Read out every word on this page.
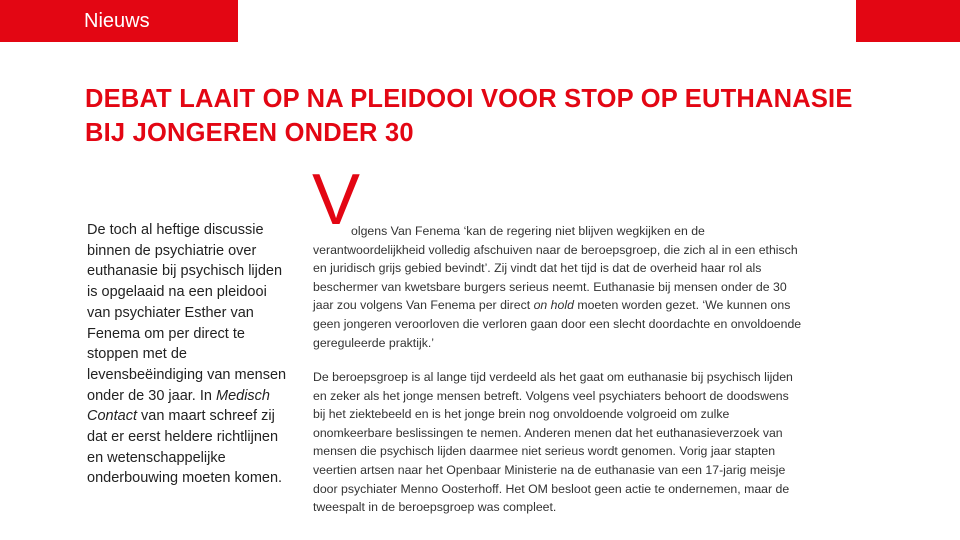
Nieuws
DEBAT LAAIT OP NA PLEIDOOI VOOR STOP OP EUTHANASIE
BIJ JONGEREN ONDER 30

De toch al heftige discussie binnen de psychiatrie over euthanasie bij psychisch lijden is opgelaaid na een pleidooi van psychiater Esther van Fenema om per direct te stoppen met de levensbeëindiging van mensen onder de 30 jaar. In Medisch Contact van maart schreef zij dat er eerst heldere richtlijnen en wetenschappelijke onderbouwing moeten komen.

V

olgens Van Fenema ‘kan de regering niet blijven wegkijken en de verantwoordelijkheid volledig afschuiven naar de beroepsgroep, die zich al in een ethisch en juridisch grijs gebied bevindt’. Zij vindt dat het tijd is dat de overheid haar rol als beschermer van kwetsbare burgers serieus neemt. Euthanasie bij mensen onder de 30 jaar zou volgens Van Fenema per direct on hold moeten worden gezet. ‘We kunnen ons geen jongeren veroorloven die verloren gaan door een slecht doordachte en onvoldoende gereguleerde praktijk.’

De beroepsgroep is al lange tijd verdeeld als het gaat om euthanasie bij psychisch lijden en zeker als het jonge mensen betreft. Volgens veel psychiaters behoort de doodswens bij het ziektebeeld en is het jonge brein nog onvoldoende volgroeid om zulke onomkeerbare beslissingen te nemen. Anderen menen dat het euthanasieverzoek van mensen die psychisch lijden daarmee niet serieus wordt genomen. Vorig jaar stapten veertien artsen naar het Openbaar Ministerie na de euthanasie van een 17-jarig meisje door psychiater Menno Oosterhoff. Het OM besloot geen actie te ondernemen, maar de tweespalt in de beroepsgroep was compleet.
